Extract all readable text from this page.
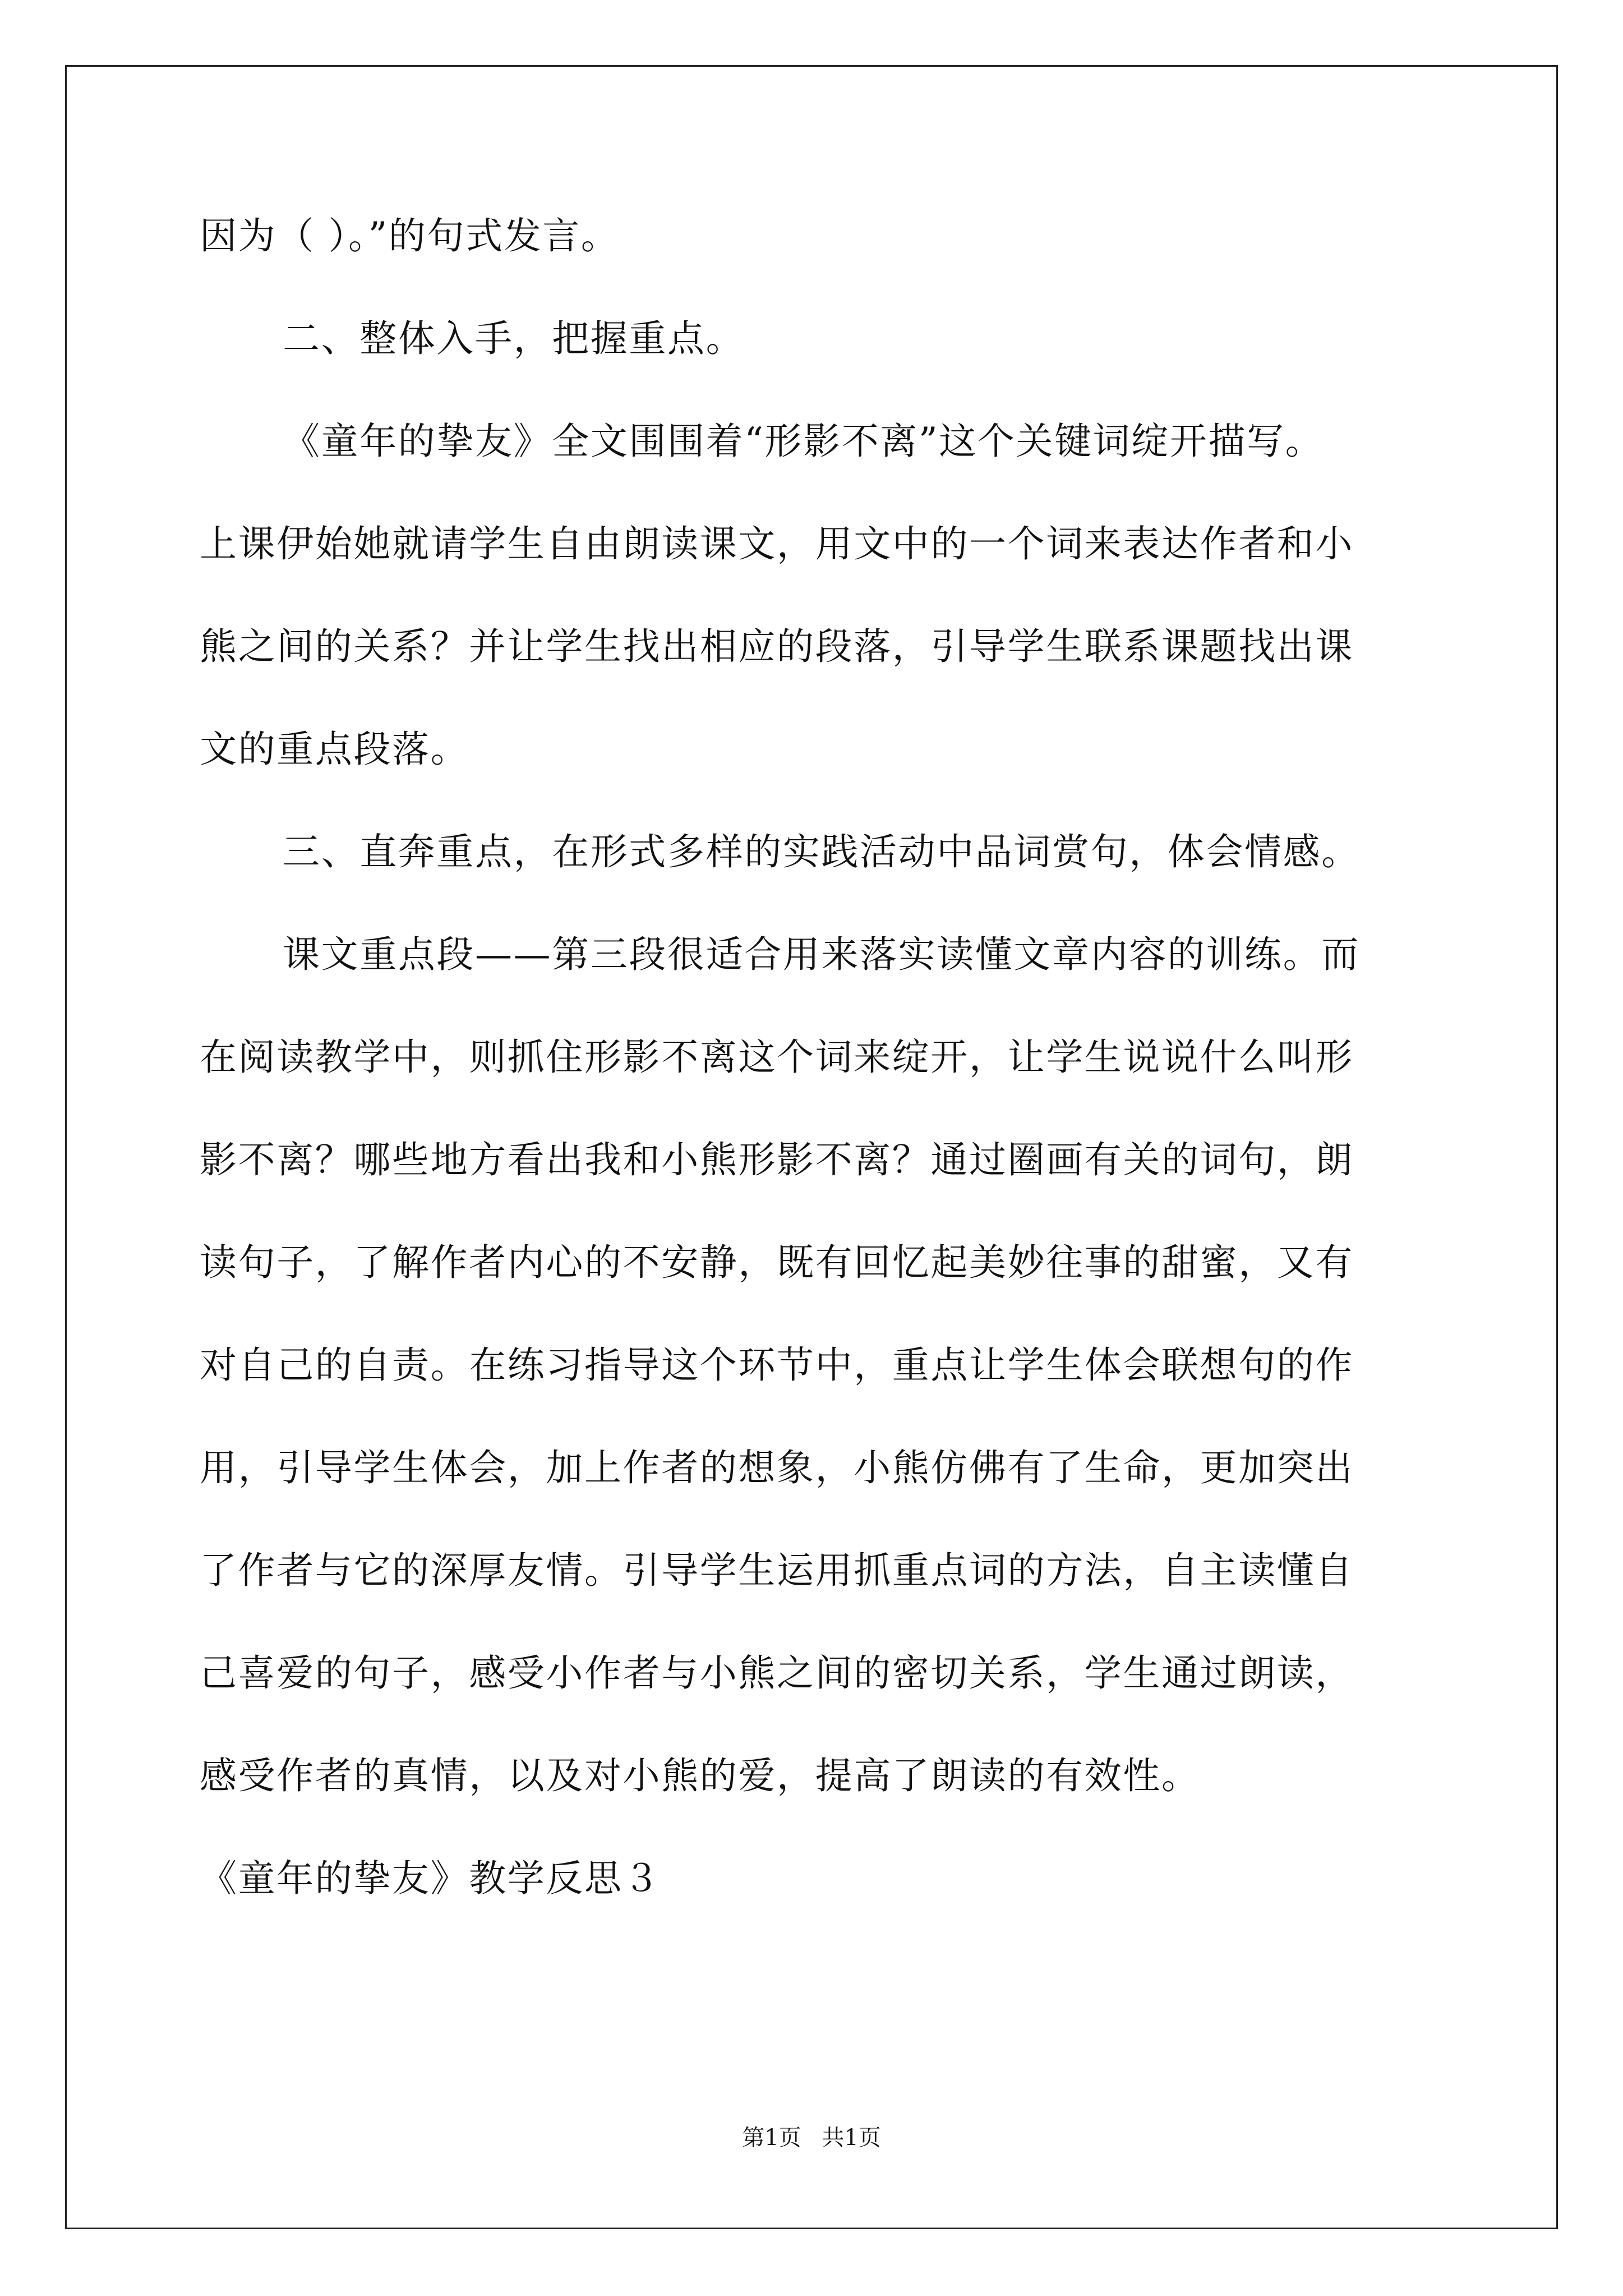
因为（ ）。”的句式发言。
二、整体入手，把握重点。
《童年的挚友》全文围围着“形影不离”这个关键词绽开描写。
上课伊始她就请学生自由朗读课文，用文中的一个词来表达作者和小
熊之间的关系？并让学生找出相应的段落，引导学生联系课题找出课
文的重点段落。
三、直奔重点，在形式多样的实践活动中品词赏句，体会情感。
课文重点段——第三段很适合用来落实读懂文章内容的训练。而
在阅读教学中，则抓住形影不离这个词来绽开，让学生说说什么叫形
影不离？哪些地方看出我和小熊形影不离？通过圈画有关的词句，朗
读句子，了解作者内心的不安静，既有回忆起美妙往事的甜蜜，又有
对自己的自责。在练习指导这个环节中，重点让学生体会联想句的作
用，引导学生体会，加上作者的想象，小熊仿佛有了生命，更加突出
了作者与它的深厚友情。引导学生运用抓重点词的方法，自主读懂自
己喜爱的句子，感受小作者与小熊之间的密切关系，学生通过朗读，
感受作者的真情，以及对小熊的爱，提高了朗读的有效性。
《童年的挚友》教学反思３
第1页 共1页
